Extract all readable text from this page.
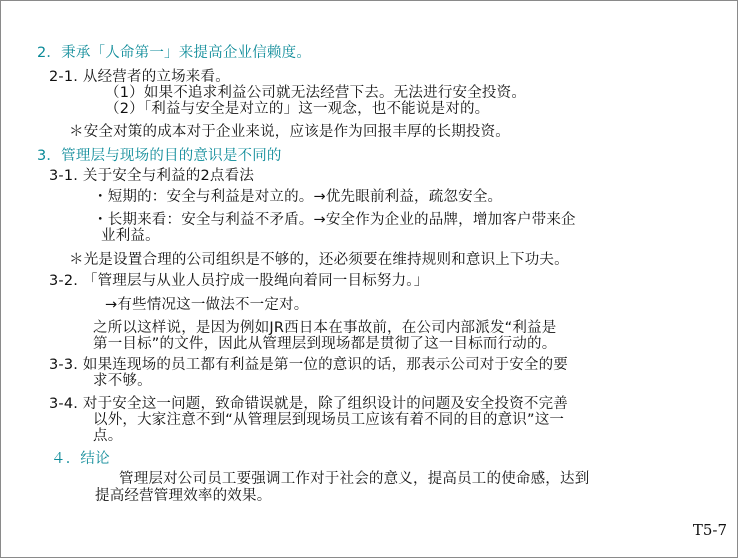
2．秉承「人命第一」来提高企业信赖度。
2-1. 从经营者的立场来看。
（1）如果不追求利益公司就无法经营下去。无法进行安全投资。
（2）「利益与安全是对立的」这一观念，也不能说是对的。
＊安全对策的成本对于企业来说，应该是作为回报丰厚的长期投资。
3．管理层与现场的目的意识是不同的
3-1. 关于安全与利益的2点看法
・短期的：安全与利益是对立的。→优先眼前利益，疏忽安全。
・长期来看：安全与利益不矛盾。→安全作为企业的品牌，增加客户带来企
业利益。
＊光是设置合理的公司组织是不够的，还必须要在维持规则和意识上下功夫。
3-2. 「管理层与从业人员拧成一股绳向着同一目标努力。」
→有些情况这一做法不一定对。
之所以这样说，是因为例如JR西日本在事故前，在公司内部派发“利益是
第一目标”的文件，因此从管理层到现场都是贯彻了这一目标而行动的。
3-3. 如果连现场的员工都有利益是第一位的意识的话，那表示公司对于安全的要
求不够。
3-4. 对于安全这一问题，致命错误就是，除了组织设计的问题及安全投资不完善
以外，大家注意不到“从管理层到现场员工应该有着不同的目的意识”这一
点。
４．结论
管理层对公司员工要强调工作对于社会的意义，提高员工的使命感，达到
提高经营管理效率的效果。
T5-7
